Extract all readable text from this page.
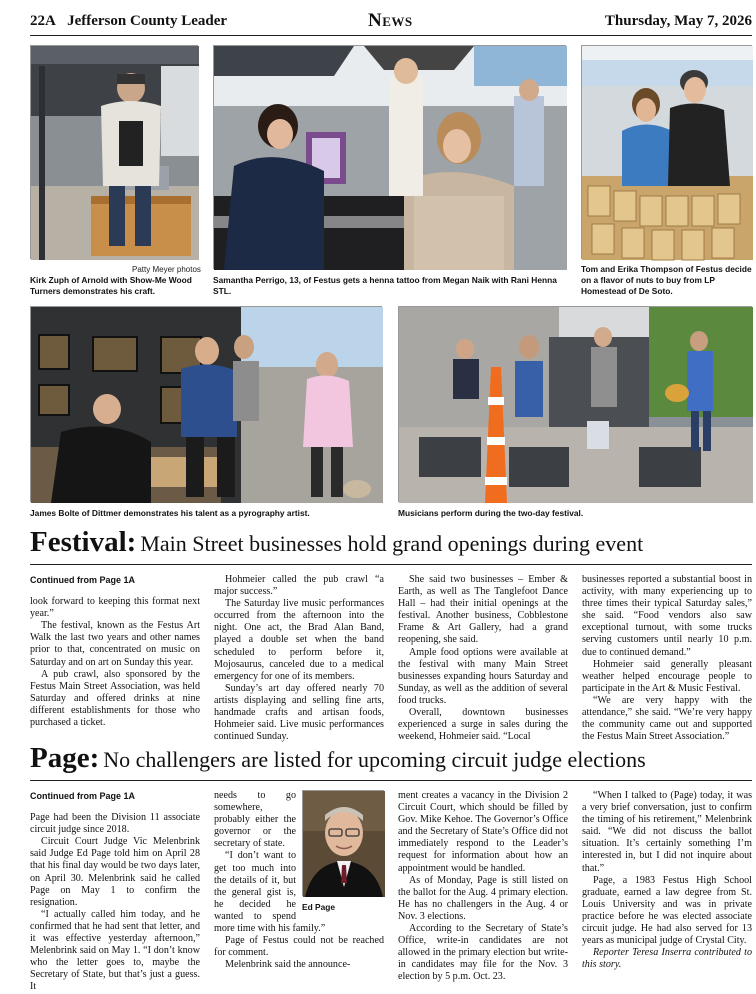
22A Jefferson County Leader	News	Thursday, May 7, 2026
Patty Meyer photos
Kirk Zuph of Arnold with Show-Me Wood Turners demonstrates his craft.
Samantha Perrigo, 13, of Festus gets a henna tattoo from Megan Naik with Rani Henna STL.
Tom and Erika Thompson of Festus decide on a flavor of nuts to buy from LP Homestead of De Soto.
James Bolte of Dittmer demonstrates his talent as a pyrography artist.	Musicians perform during the two-day festival.
Festival: Main Street businesses hold grand openings during event

Continued from Page 1A

look forward to keeping this format next year.”

The festival, known as the Festus Art Walk the last two years and other names prior to that, concentrated on music on Saturday and on art on Sunday this year.

A pub crawl, also sponsored by the Festus Main Street Association, was held Saturday and offered drinks at nine different establishments for those who purchased a ticket.

Hohmeier called the pub crawl “a major success.”

The Saturday live music performances occurred from the afternoon into the night. One act, the Brad Alan Band, played a double set when the band scheduled to perform before it, Mojosaurus, canceled due to a medical emergency for one of its members.

Sunday’s art day offered nearly 70 artists displaying and selling fine arts, handmade crafts and artisan foods, Hohmeier said. Live music performances continued Sunday.

She said two businesses – Ember & Earth, as well as The Tanglefoot Dance Hall – had their initial openings at the festival. Another business, Cobblestone Frame & Art Gallery, had a grand reopening, she said.

Ample food options were available at the festival with many Main Street businesses expanding hours Saturday and Sunday, as well as the addition of several food trucks.

Overall, downtown businesses experienced a surge in sales during the weekend, Hohmeier said. “Local

businesses reported a substantial boost in activity, with many experiencing up to three times their typical Saturday sales,” she said. “Food vendors also saw exceptional turnout, with some trucks serving customers until nearly 10 p.m. due to continued demand.”

Hohmeier said generally pleasant weather helped encourage people to participate in the Art & Music Festival.

“We are very happy with the attendance,” she said. “We’re very happy the community came out and supported the Festus Main Street Association.”

Page: No challengers are listed for upcoming circuit judge elections

Continued from Page 1A

Page had been the Division 11 associate circuit judge since 2018.

Circuit Court Judge Vic Melenbrink said Judge Ed Page told him on April 28 that his final day would be two days later, on April 30. Melenbrink said he called Page on May 1 to confirm the resignation.

“I actually called him today, and he confirmed that he had sent that letter, and it was effective yesterday afternoon,” Melenbrink said on May 1. “I don’t know who the letter goes to, maybe the Secretary of State, but that’s just a guess. It

Ed Page

needs to go somewhere, probably either the governor or the secretary of state.

“I don’t want to get too much into the details of it, but the general gist is, he decided he wanted to spend more time with his family.”

Page of Festus could not be reached for comment.

Melenbrink said the announce-

ment creates a vacancy in the Division 2 Circuit Court, which should be filled by Gov. Mike Kehoe. The Governor’s Office and the Secretary of State’s Office did not immediately respond to the Leader’s request for information about how an appointment would be handled.

As of Monday, Page is still listed on the ballot for the Aug. 4 primary election. He has no challengers in the Aug. 4 or Nov. 3 elections.

According to the Secretary of State’s Office, write-in candidates are not allowed in the primary election but write-in candidates may file for the Nov. 3 election by 5 p.m. Oct. 23.

“When I talked to (Page) today, it was a very brief conversation, just to confirm the timing of his retirement,” Melenbrink said. “We did not discuss the ballot situation. It’s certainly something I’m interested in, but I did not inquire about that.”

Page, a 1983 Festus High School graduate, earned a law degree from St. Louis University and was in private practice before he was elected associate circuit judge. He had also served for 13 years as municipal judge of Crystal City.

Reporter Teresa Inserra contributed to this story.
